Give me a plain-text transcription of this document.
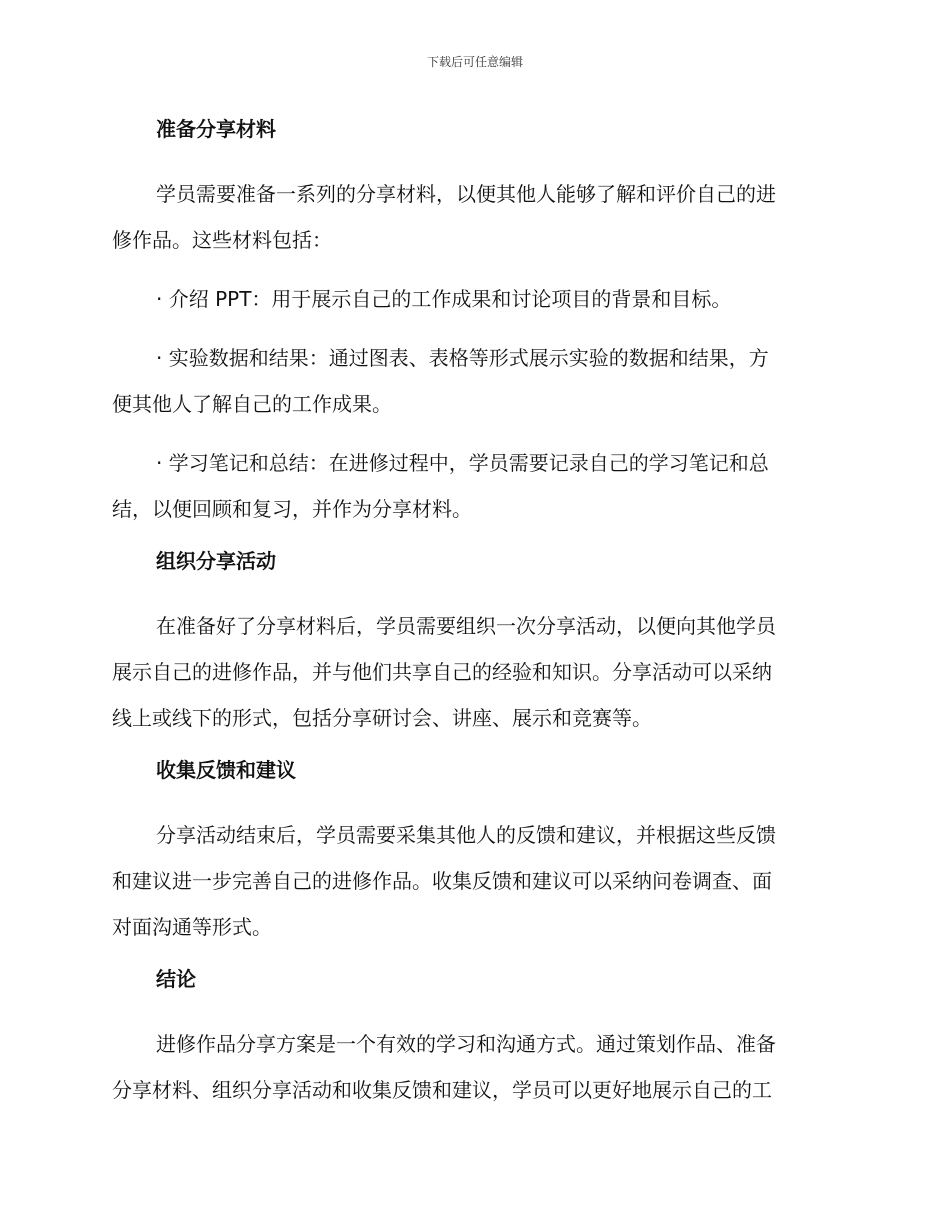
下载后可任意编辑
准备分享材料
学员需要准备一系列的分享材料，以便其他人能够了解和评价自己的进
修作品。这些材料包括：
· 介绍 PPT：用于展示自己的工作成果和讨论项目的背景和目标。
· 实验数据和结果：通过图表、表格等形式展示实验的数据和结果，方
便其他人了解自己的工作成果。
· 学习笔记和总结：在进修过程中，学员需要记录自己的学习笔记和总
结，以便回顾和复习，并作为分享材料。
组织分享活动
在准备好了分享材料后，学员需要组织一次分享活动，以便向其他学员
展示自己的进修作品，并与他们共享自己的经验和知识。分享活动可以采纳
线上或线下的形式，包括分享研讨会、讲座、展示和竞赛等。
收集反馈和建议
分享活动结束后，学员需要采集其他人的反馈和建议，并根据这些反馈
和建议进一步完善自己的进修作品。收集反馈和建议可以采纳问卷调查、面
对面沟通等形式。
结论
进修作品分享方案是一个有效的学习和沟通方式。通过策划作品、准备
分享材料、组织分享活动和收集反馈和建议，学员可以更好地展示自己的工
